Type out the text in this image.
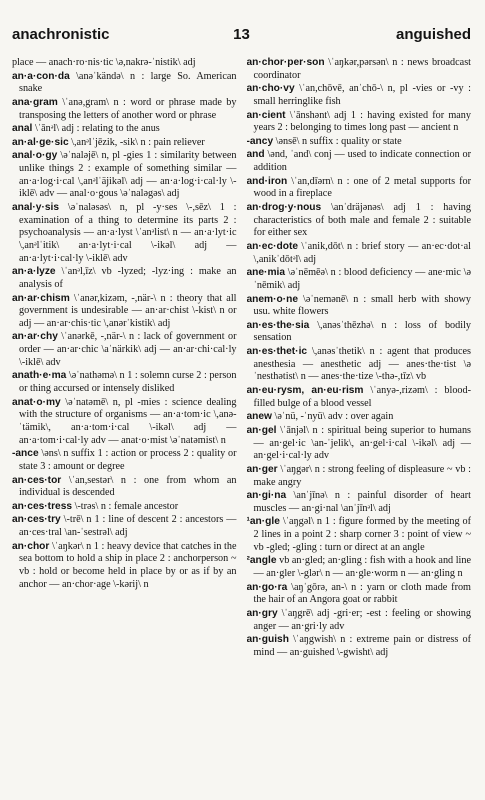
anachronistic	13	anguished

place — anach·ro·nis·tic \ə,nakrə-ˈnistik\ adj

an·a·con·da \anəˈkändə\ n : large So. American snake

ana·gram \ˈanə,gram\ n : word or phrase made by transposing the letters of another word or phrase

anal \ˈānᵊl\ adj : relating to the anus

an·al·ge·sic \,anᵊlˈjēzik, -sik\ n : pain reliever

anal·o·gy \əˈnaləjē\ n, pl -gies 1 : similarity between unlike things 2 : example of something similar — an·a·log·i·cal \,anᵊlˈäjikəl\ adj — an·a·log·i·cal·ly \-iklē\ adv — anal·o·gous \əˈnaləgəs\ adj

anal·y·sis \əˈnaləsəs\ n, pl -y·ses \-,sēz\ 1 : examination of a thing to determine its parts 2 : psychoanalysis — an·a·lyst \ˈanᵊlist\ n — an·a·lyt·ic \,anᵊlˈitik\ an·a·lyt·i·cal \-ikəl\ adj — an·a·lyt·i·cal·ly \-iklē\ adv

an·a·lyze \ˈanᵊl,īz\ vb -lyzed; -lyz·ing : make an analysis of

an·ar·chism \ˈanər,kizəm, -,när-\ n : theory that all government is undesirable — an·ar·chist \-kist\ n or adj — an·ar·chis·tic \,anərˈkistik\ adj

an·ar·chy \ˈanərkē, -,när-\ n : lack of government or order — an·ar·chic \aˈnärkik\ adj — an·ar·chi·cal·ly \-iklē\ adv

anath·e·ma \əˈnathəmə\ n 1 : solemn curse 2 : person or thing accursed or intensely disliked

anat·o·my \əˈnatəmē\ n, pl -mies : science dealing with the structure of organisms — an·a·tom·ic \,anə-ˈtämik\, an·a·tom·i·cal \-ikəl\ adj — an·a·tom·i·cal·ly adv — anat·o·mist \əˈnatəmist\ n

-ance \əns\ n suffix 1 : action or process 2 : quality or state 3 : amount or degree

an·ces·tor \ˈan,sestər\ n : one from whom an individual is descended

an·ces·tress \-trəs\ n : female ancestor

an·ces·try \-trē\ n 1 : line of descent 2 : ancestors — an·ces·tral \an-ˈsestrəl\ adj

an·chor \ˈaŋkər\ n 1 : heavy device that catches in the sea bottom to hold a ship in place 2 : anchorperson ~ vb : hold or become held in place by or as if by an anchor — an·chor·age \-kərij\ n

an·chor·per·son \ˈaŋkər,pərsən\ n : news broadcast coordinator

an·cho·vy \ˈan,chōvē, anˈchō-\ n, pl -vies or -vy : small herringlike fish

an·cient \ˈānshənt\ adj 1 : having existed for many years 2 : belonging to times long past — ancient n

-ancy \ənsē\ n suffix : quality or state

and \ənd, ˈand\ conj — used to indicate connection or addition

and·iron \ˈan,dīərn\ n : one of 2 metal supports for wood in a fireplace

an·drog·y·nous \anˈdräjənəs\ adj 1 : having characteristics of both male and female 2 : suitable for either sex

an·ec·dote \ˈanik,dōt\ n : brief story — an·ec·dot·al \,anikˈdōtᵊl\ adj

ane·mia \əˈnēmēə\ n : blood deficiency — ane·mic \əˈnēmik\ adj

anem·o·ne \əˈnemənē\ n : small herb with showy usu. white flowers

an·es·the·sia \,anəsˈthēzhə\ n : loss of bodily sensation

an·es·thet·ic \,anəsˈthetik\ n : agent that produces anesthesia — anesthetic adj — anes·the·tist \əˈnesthətist\ n — anes·the·tize \-thə-,tīz\ vb

an·eu·rysm, an·eu·rism \ˈanyə-,rizəm\ : blood-filled bulge of a blood vessel

anew \əˈnü, -ˈnyü\ adv : over again

an·gel \ˈānjəl\ n : spiritual being superior to humans — an·gel·ic \an-ˈjelik\, an·gel·i·cal \-ikəl\ adj — an·gel·i·cal·ly adv

an·ger \ˈaŋgər\ n : strong feeling of displeasure ~ vb : make angry

an·gi·na \anˈjīnə\ n : painful disorder of heart muscles — an·gi·nal \anˈjīnᵊl\ adj

¹an·gle \ˈaŋgəl\ n 1 : figure formed by the meeting of 2 lines in a point 2 : sharp corner 3 : point of view ~ vb -gled; -gling : turn or direct at an angle

²angle vb an·gled; an·gling : fish with a hook and line — an·gler \-glər\ n — an·gle·worm n — an·gling n

an·go·ra \aŋˈgōrə, an-\ n : yarn or cloth made from the hair of an Angora goat or rabbit

an·gry \ˈaŋgrē\ adj -gri·er; -est : feeling or showing anger — an·gri·ly adv

an·guish \ˈaŋgwish\ n : extreme pain or distress of mind — an·guished \-gwisht\ adj
